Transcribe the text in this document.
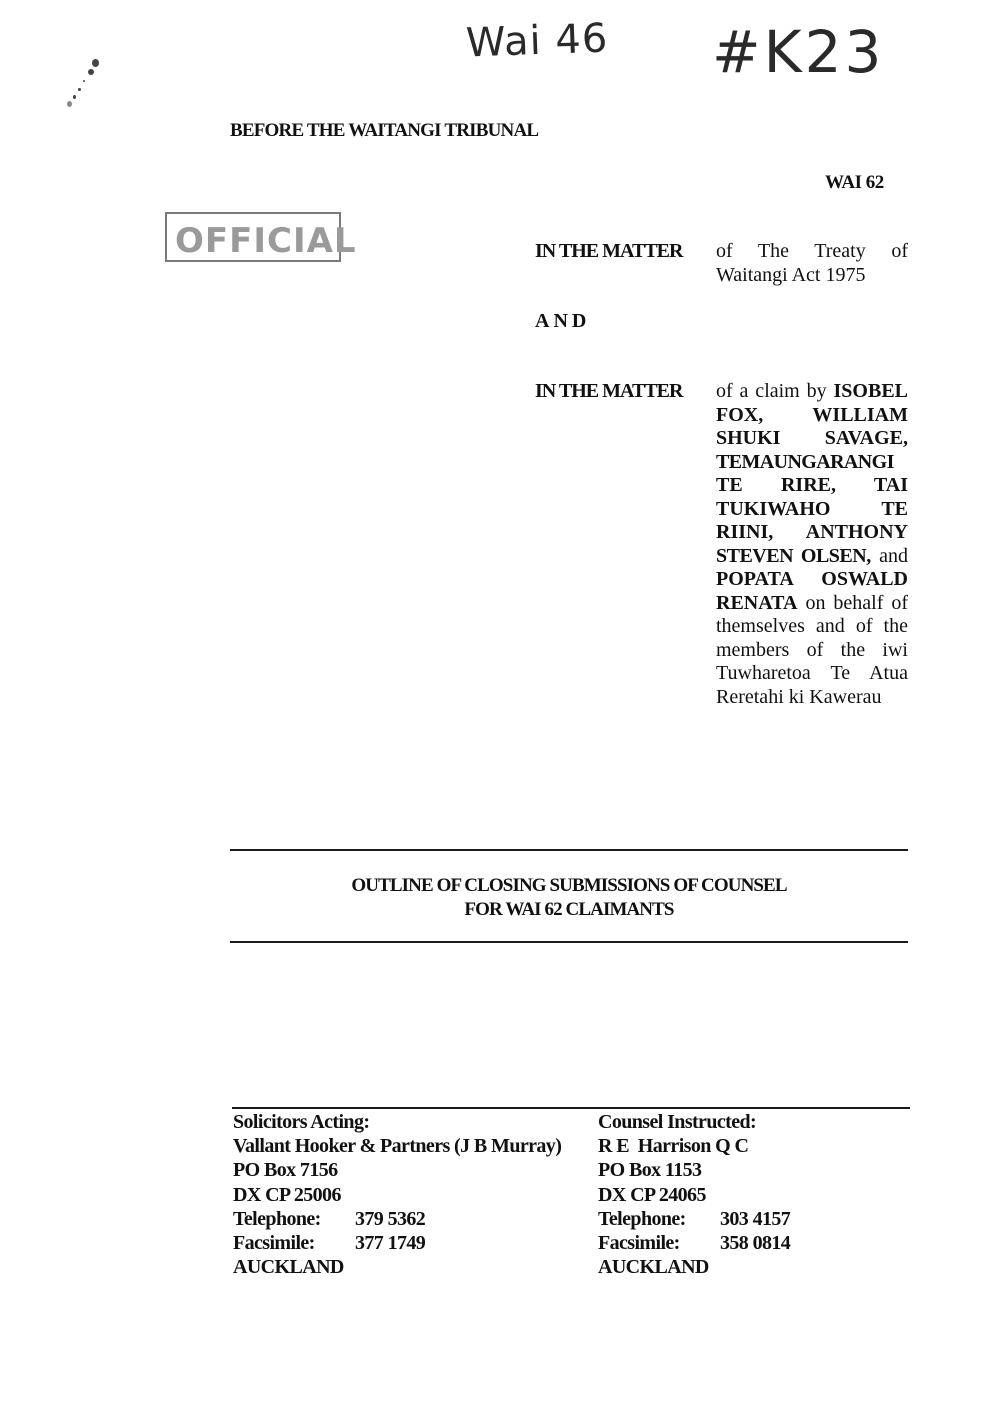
Wai 46 #K23
BEFORE THE WAITANGI TRIBUNAL
WAI 62
OFFICIAL	IN THE MATTER of The Treaty of
Waitangi Act 1975
AND
IN THE MATTER of a claim by ISOBEL
FOX, WILLIAM
SHUKI SAVAGE,
TEMAUNGARANGI
TE RIRE, TAI
TUKIWAHO	TE
RIINI, ANTHONY
STEVEN OLSEN, and
POPATA OSWALD
RENATA on behalf of
themselves and of the
members of the iwi
Tuwharetoa Te Atua
Reretahi ki Kawerau
OUTLINE OF CLOSING SUBMISSIONS OF COUNSEL
FOR WAI 62 CLAIMANTS
Solicitors Acting:
Vallant Hooker & Partners (J B Murray)
PO Box 7156
DX CP 25006
Telephone: 379 5362
Facsimile: 377 1749
AUCKLAND
Counsel Instructed:
R E  Harrison Q C
PO Box 1153
DX CP 24065
Telephone: 303 4157
Facsimile: 358 0814
AUCKLAND
